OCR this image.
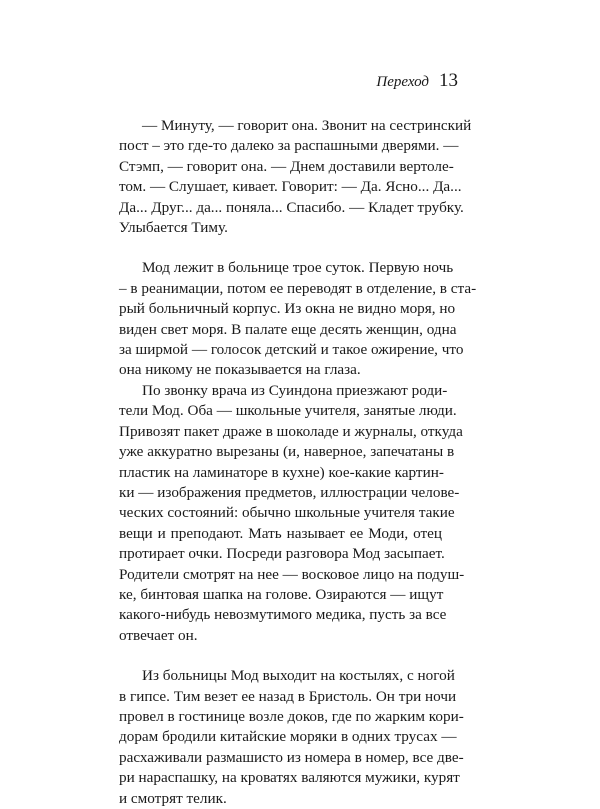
Переход 13

— Минуту, — говорит она. Звонит на сестринский
пост – это где-то далеко за распашными дверями. —
Стэмп, — говорит она. — Днем доставили вертоле-
том. — Слушает, кивает. Говорит: — Да. Ясно... Да...
Да... Друг... да... поняла... Спасибо. — Кладет трубку.
Улыбается Тиму.

Мод лежит в больнице трое суток. Первую ночь
– в реанимации, потом ее переводят в отделение, в ста-
рый больничный корпус. Из окна не видно моря, но
виден свет моря. В палате еще десять женщин, одна
за ширмой — голосок детский и такое ожирение, что
она никому не показывается на глаза.

По звонку врача из Суиндона приезжают роди-
тели Мод. Оба — школьные учителя, занятые люди.
Привозят пакет драже в шоколаде и журналы, откуда
уже аккуратно вырезаны (и, наверное, запечатаны в
пластик на ламинаторе в кухне) кое-какие картин-
ки — изображения предметов, иллюстрации челове-
ческих состояний: обычно школьные учителя такие
вещи и преподают. Мать называет ее Моди, отец
протирает очки. Посреди разговора Мод засыпает.
Родители смотрят на нее — восковое лицо на подуш-
ке, бинтовая шапка на голове. Озираются — ищут
какого-нибудь невозмутимого медика, пусть за все
отвечает он.

Из больницы Мод выходит на костылях, с ногой
в гипсе. Тим везет ее назад в Бристоль. Он три ночи
провел в гостинице возле доков, где по жарким кори-
дорам бродили китайские моряки в одних трусах —
расхаживали размашисто из номера в номер, все две-
ри нараспашку, на кроватях валяются мужики, курят
и смотрят телик.
